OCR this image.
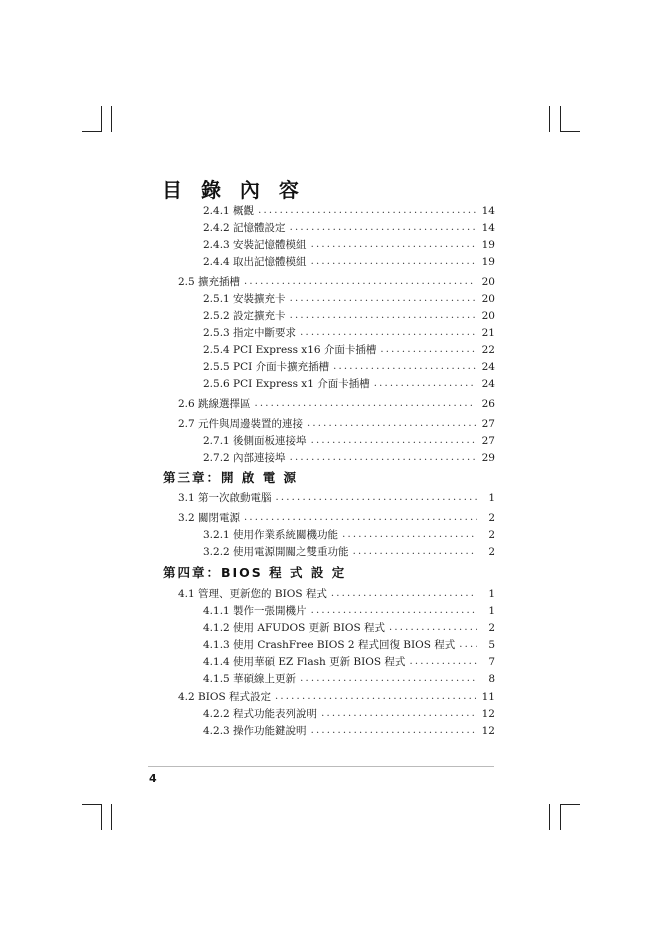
目 錄 內 容
2.4.1 概觀 .....	14
2.4.2 記憶體設定 .....	14
2.4.3 安裝記憶體模組 .....	19
2.4.4 取出記憶體模組 .....	19
2.5 擴充插槽 .....	20
2.5.1 安裝擴充卡 .....	20
2.5.2 設定擴充卡 .....	20
2.5.3 指定中斷要求 .....	21
2.5.4 PCI Express x16 介面卡插槽 .....	22
2.5.5 PCI 介面卡擴充插槽 .....	24
2.5.6 PCI Express x1 介面卡插槽 .....	24
2.6 跳線選擇區 .....	26
2.7 元件與周邊裝置的連接 .....	27
2.7.1 後側面板連接埠 .....	27
2.7.2 內部連接埠 .....	29
第三章：開 啟 電 源
3.1 第一次啟動電腦 .....	1
3.2 關閉電源 .....	2
3.2.1 使用作業系統關機功能 .....	2
3.2.2 使用電源開關之雙重功能 .....	2
第四章：BIOS 程 式 設 定
4.1 管理、更新您的 BIOS 程式 .....	1
4.1.1 製作一張開機片 .....	1
4.1.2 使用 AFUDOS 更新 BIOS 程式 .....	2
4.1.3 使用 CrashFree BIOS 2 程式回復 BIOS 程式 .....	5
4.1.4 使用華碩 EZ Flash 更新 BIOS 程式 .....	7
4.1.5 華碩線上更新 .....	8
4.2 BIOS 程式設定 .....	11
4.2.2 程式功能表列說明 .....	12
4.2.3 操作功能鍵說明 .....	12
4
